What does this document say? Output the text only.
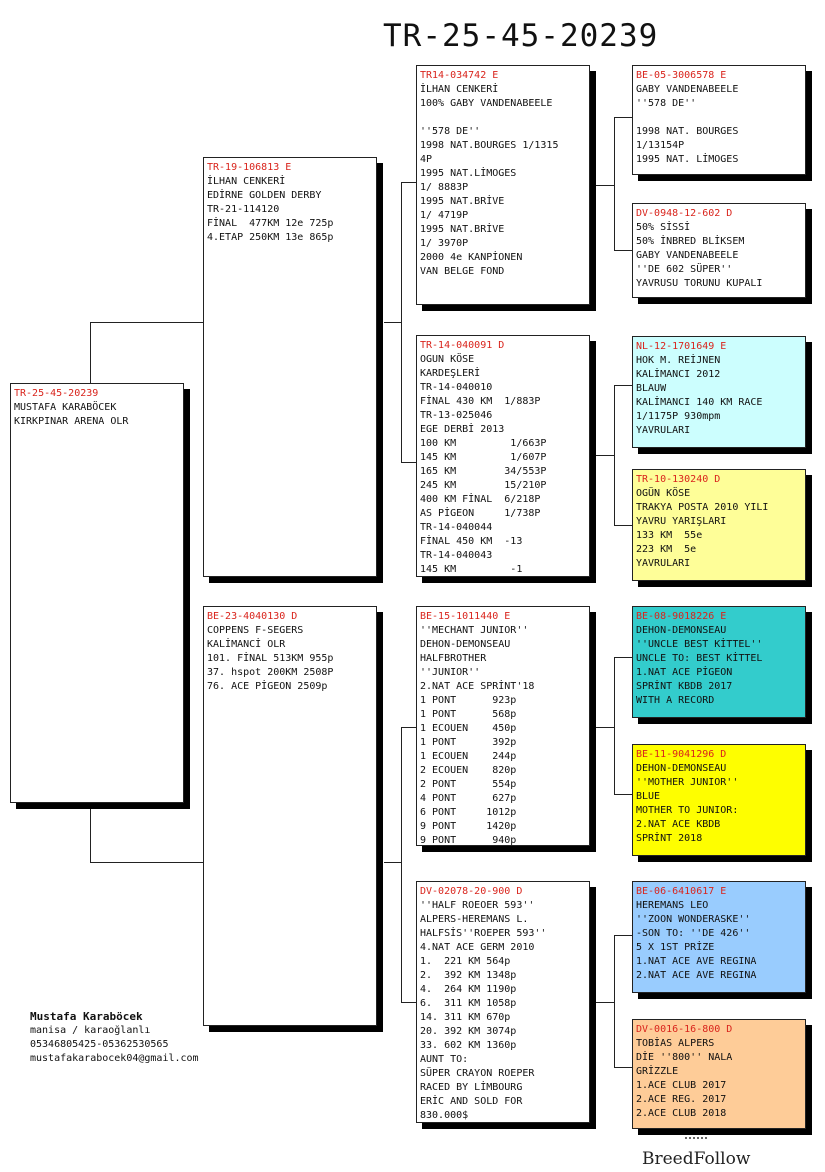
TR-25-45-20239
TR-25-45-20239
MUSTAFA KARABÖCEK
KIRKPINAR ARENA OLR
TR-19-106813 E
İLHAN CENKERİ
EDİRNE GOLDEN DERBY
TR-21-114120
FİNAL  477KM 12e 725p
4.ETAP 250KM 13e 865p
BE-23-4040130 D
COPPENS F-SEGERS
KALİMANCİ OLR
101. FİNAL 513KM 955p
37. hspot 200KM 2508P
76. ACE PİGEON 2509p
TR14-034742 E
İLHAN CENKERİ
100% GABY VANDENABEELE

''578 DE''
1998 NAT.BOURGES 1/1315
4P
1995 NAT.LİMOGES
1/ 8883P
1995 NAT.BRİVE
1/ 4719P
1995 NAT.BRİVE
1/ 3970P
2000 4e KANPİONEN
VAN BELGE FOND
TR-14-040091 D
OGUN KÖSE
KARDEŞLERİ
TR-14-040010
FİNAL 430 KM  1/883P
TR-13-025046
EGE DERBİ 2013
100 KM         1/663P
145 KM         1/607P
165 KM        34/553P
245 KM        15/210P
400 KM FİNAL  6/218P
AS PİGEON     1/738P
TR-14-040044
FİNAL 450 KM  -13
TR-14-040043
145 KM         -1
BE-15-1011440 E
''MECHANT JUNIOR''
DEHON-DEMONSEAU
HALFBROTHER
''JUNIOR''
2.NAT ACE SPRİNT'18
1 PONT      923p
1 PONT      568p
1 ECOUEN    450p
1 PONT      392p
1 ECOUEN    244p
2 ECOUEN    820p
2 PONT      554p
4 PONT      627p
6 PONT     1012p
9 PONT     1420p
9 PONT      940p
DV-02078-20-900 D
''HALF ROEOER 593''
ALPERS-HEREMANS L.
HALFSİS''ROEPER 593''
4.NAT ACE GERM 2010
1.  221 KM 564p
2.  392 KM 1348p
4.  264 KM 1190p
6.  311 KM 1058p
14. 311 KM 670p
20. 392 KM 3074p
33. 602 KM 1360p
AUNT TO:
SÜPER CRAYON ROEPER
RACED BY LİMBOURG
ERİC AND SOLD FOR
830.000$
BE-05-3006578 E
GABY VANDENABEELE
''578 DE''

1998 NAT. BOURGES
1/13154P
1995 NAT. LİMOGES
DV-0948-12-602 D
50% SİSSİ
50% İNBRED BLİKSEM
GABY VANDENABEELE
''DE 602 SÜPER''
YAVRUSU TORUNU KUPALI
NL-12-1701649 E
HOK M. REİJNEN
KALİMANCI 2012
BLAUW
KALİMANCI 140 KM RACE
1/1175P 930mpm
YAVRULARI
TR-10-130240 D
OGÜN KÖSE
TRAKYA POSTA 2010 YILI
YAVRU YARIŞLARI
133 KM  55e
223 KM  5e
YAVRULARI
BE-08-9018226 E
DEHON-DEMONSEAU
''UNCLE BEST KİTTEL''
UNCLE TO: BEST KİTTEL
1.NAT ACE PİGEON
SPRİNT KBDB 2017
WITH A RECORD
BE-11-9041296 D
DEHON-DEMONSEAU
''MOTHER JUNIOR''
BLUE
MOTHER TO JUNIOR:
2.NAT ACE KBDB
SPRİNT 2018
BE-06-6410617 E
HEREMANS LEO
''ZOON WONDERASKE''
-SON TO: ''DE 426''
5 X 1ST PRİZE
1.NAT ACE AVE REGINA
2.NAT ACE AVE REGINA
DV-0016-16-800 D
TOBİAS ALPERS
DİE ''800'' NALA
GRİZZLE
1.ACE CLUB 2017
2.ACE REG. 2017
2.ACE CLUB 2018
Mustafa Karaböcek
manisa / karaoğlanlı
05346805425-05362530565
mustafakarabocek04@gmail.com
BreedFollow
